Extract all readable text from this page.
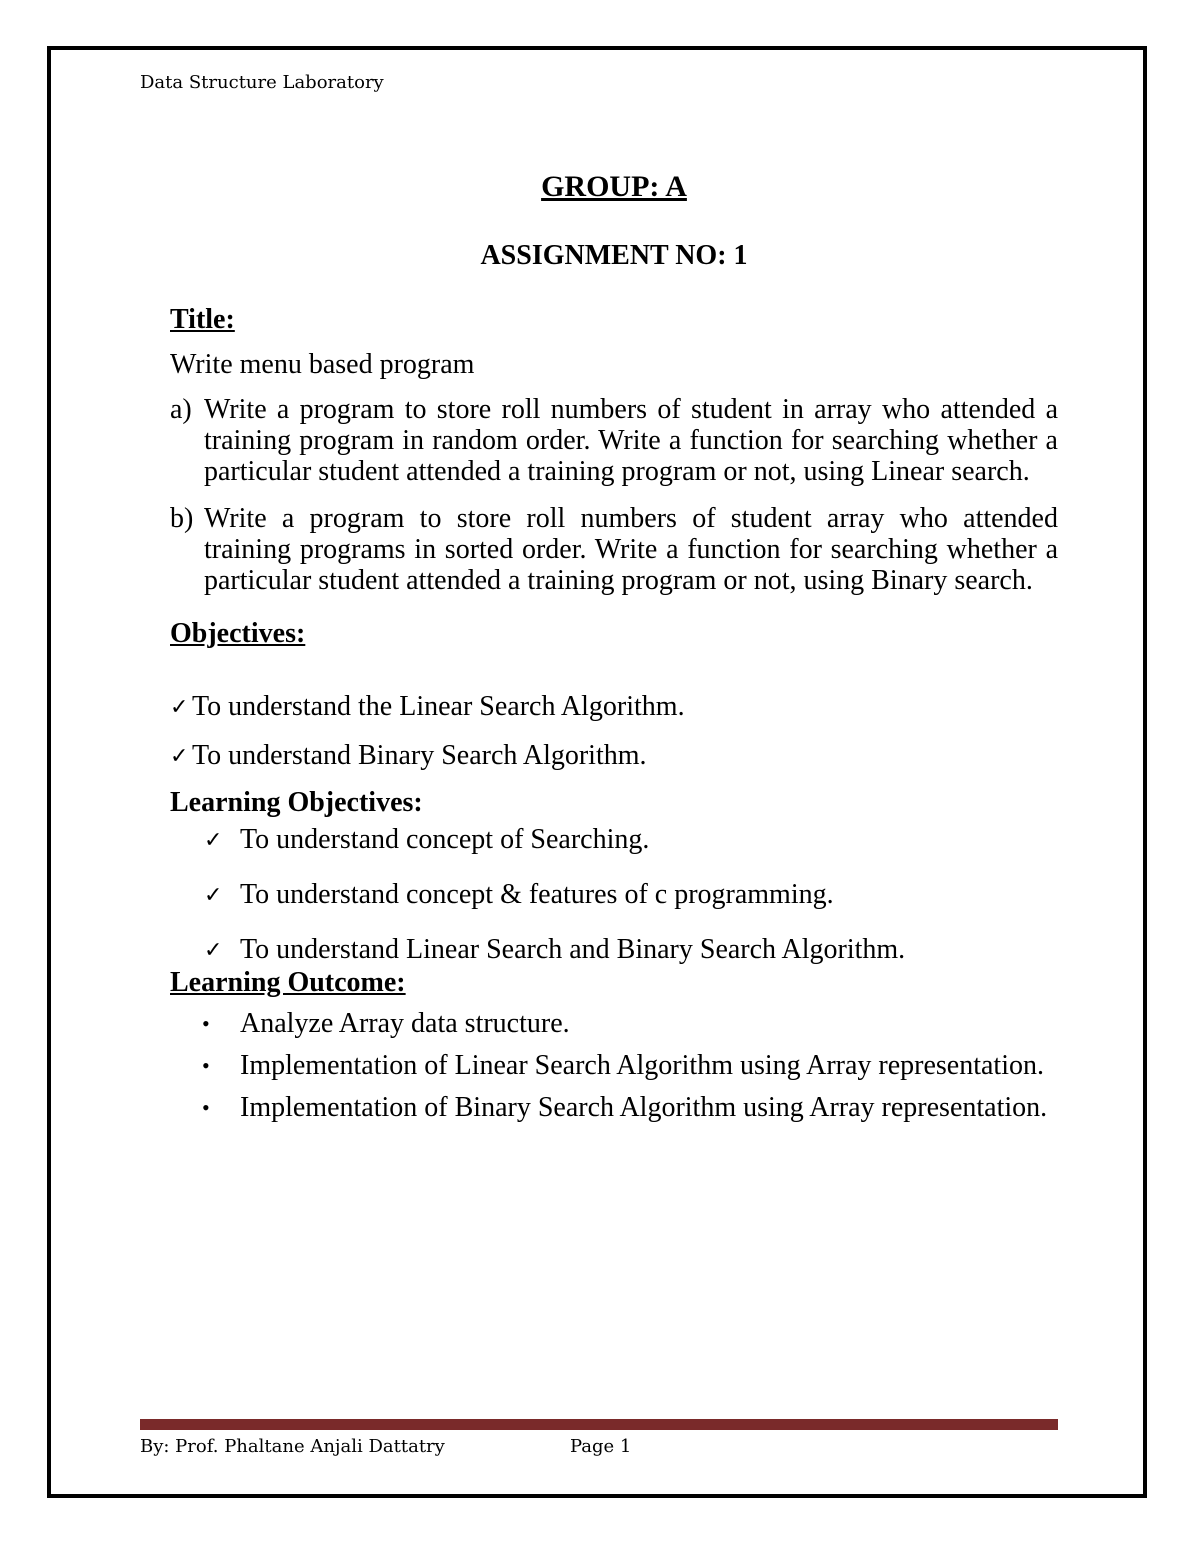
Data Structure Laboratory

GROUP: A

ASSIGNMENT NO: 1

Title:

Write menu based program

a) Write a program to store roll numbers of student in array who attended a training program in random order. Write a function for searching whether a particular student attended a training program or not, using Linear search.
b) Write a program to store roll numbers of student array who attended training programs in sorted order. Write a function for searching whether a particular student attended a training program or not, using Binary search.

Objectives:

✓ To understand the Linear Search Algorithm.
✓ To understand Binary Search Algorithm.

Learning Objectives:

✓ To understand concept of Searching.
✓ To understand concept & features of c programming.
✓ To understand Linear Search and Binary Search Algorithm.

Learning Outcome:

•	Analyze Array data structure.
•	Implementation of Linear Search Algorithm using Array representation.
•	Implementation of Binary Search Algorithm using Array representation.
By: Prof. Phaltane Anjali Dattatry	Page 1
